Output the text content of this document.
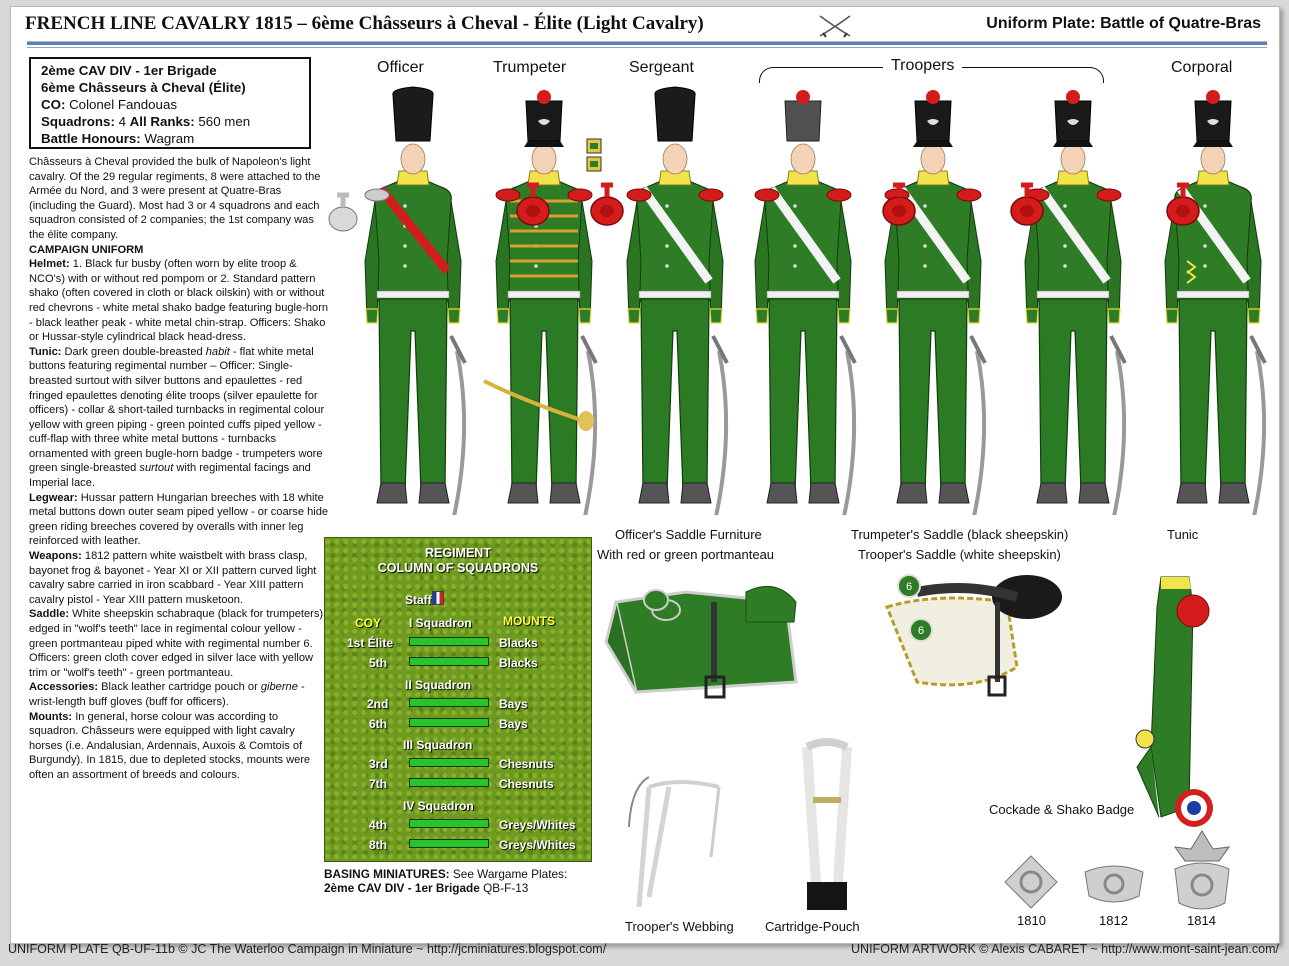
FRENCH LINE CAVALRY 1815 – 6ème Châsseurs à Cheval - Élite (Light Cavalry)	Uniform Plate: Battle of Quatre-Bras
2ème CAV DIV - 1er Brigade
6ème Châsseurs à Cheval (Élite)
CO: Colonel Fandouas
Squadrons: 4 All Ranks: 560 men
Battle Honours: Wagram

Châsseurs à Cheval provided the bulk of Napoleon's light cavalry. Of the 29 regular regiments, 8 were attached to the Armée du Nord, and 3 were present at Quatre-Bras (including the Guard). Most had 3 or 4 squadrons and each squadron consisted of 2 companies; the 1st company was the élite company.

CAMPAIGN UNIFORM

Helmet: 1. Black fur busby (often worn by elite troop & NCO's) with or without red pompom or 2. Standard pattern shako (often covered in cloth or black oilskin) with or without red chevrons - white metal shako badge featuring bugle-horn - black leather peak - white metal chin-strap. Officers: Shako or Hussar-style cylindrical black head-dress.

Tunic: Dark green double-breasted habit - flat white metal buttons featuring regimental number – Officer: Single-breasted surtout with silver buttons and epaulettes - red fringed epaulettes denoting élite troops (silver epaulette for officers) - collar & short-tailed turnbacks in regimental colour yellow with green piping - green pointed cuffs piped yellow - cuff-flap with three white metal buttons - turnbacks ornamented with green bugle-horn badge - trumpeters wore green single-breasted surtout with regimental facings and Imperial lace.

Legwear: Hussar pattern Hungarian breeches with 18 white metal buttons down outer seam piped yellow - or coarse hide green riding breeches covered by overalls with inner leg reinforced with leather.

Weapons: 1812 pattern white waistbelt with brass clasp, bayonet frog & bayonet - Year XI or XII pattern curved light cavalry sabre carried in iron scabbard - Year XIII pattern cavalry pistol - Year XIII pattern musketoon.

Saddle: White sheepskin schabraque (black for trumpeters) edged in "wolf's teeth" lace in regimental colour yellow - green portmanteau piped white with regimental number 6. Officers: green cloth cover edged in silver lace with yellow trim or "wolf's teeth" - green portmanteau.

Accessories: Black leather cartridge pouch or giberne - wrist-length buff gloves (buff for officers).

Mounts: In general, horse colour was according to squadron. Châsseurs were equipped with light cavalry horses (i.e. Andalusian, Ardennais, Auxois & Comtois of Burgundy). In 1815, due to depleted stocks, mounts were often an assortment of breeds and colours.

Officer	Trumpeter	Sergeant	Troopers	Corporal
Officer's Saddle Furniture
With red or green portmanteau
Trumpeter's Saddle (black sheepskin)
Trooper's Saddle (white sheepskin)
Tunic
6
6
Trooper's Webbing Cartridge-Pouch
Cockade & Shako Badge
1810	1812	1814
REGIMENT
COLUMN OF SQUADRONS
Staff
COY	MOUNTS
I Squadron
1st Élite	Blacks
5th	Blacks
II Squadron
2nd	Bays
6th	Bays
III Squadron
3rd	Chesnuts
7th	Chesnuts
IV Squadron
4th	Greys/Whites
8th	Greys/Whites
BASING MINIATURES: See Wargame Plates:
2ème CAV DIV - 1er Brigade QB-F-13
UNIFORM PLATE QB-UF-11b © JC The Waterloo Campaign in Miniature ~ http://jcminiatures.blogspot.com/	UNIFORM ARTWORK © Alexis CABARET ~ http://www.mont-saint-jean.com/
